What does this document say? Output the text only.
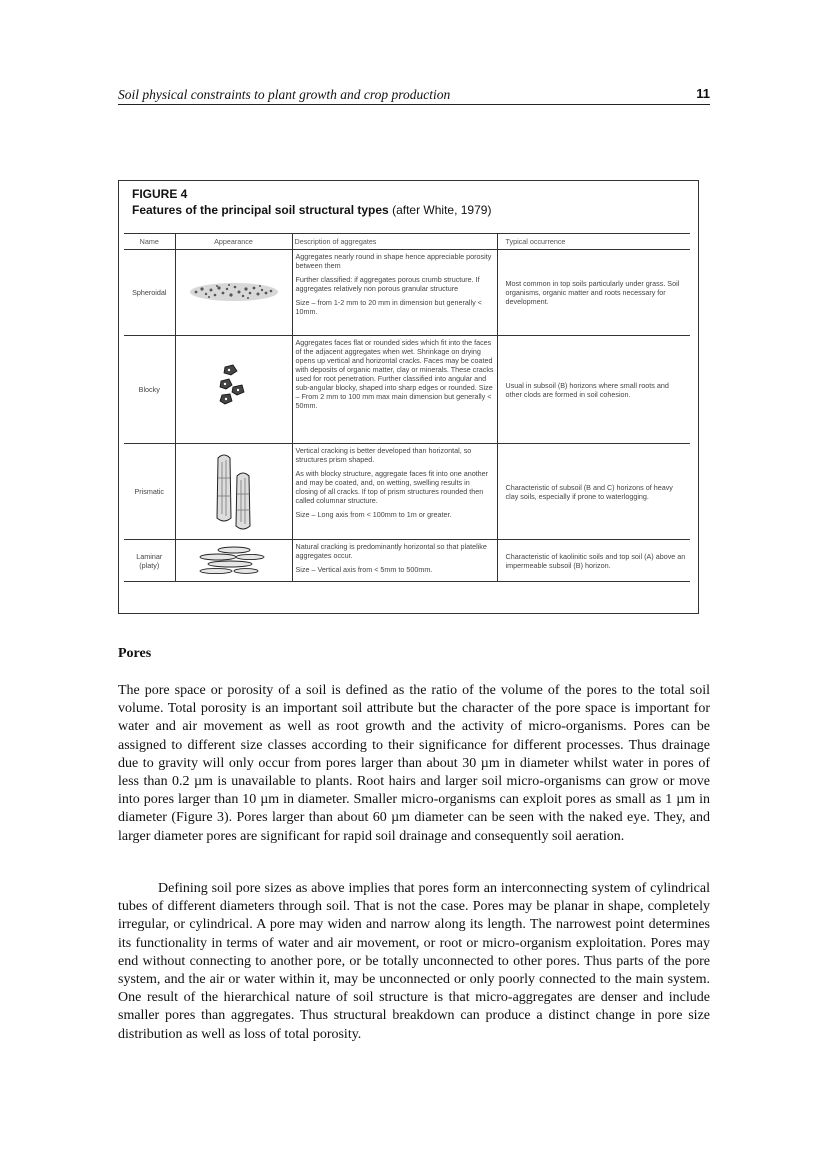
Soil physical constraints to plant growth and crop production	11
FIGURE 4
Features of the principal soil structural types (after White, 1979)
Name	Appearance	Description of aggregates	Typical occurrence
Spheroidal		Aggregates nearly round in shape hence appreciable porosity between them

Further classified: if aggregates porous crumb structure. If aggregates relatively non porous granular structure

Size – from 1-2 mm to 20 mm in dimension but generally < 10mm.	Most common in top soils particularly under grass. Soil organisms, organic matter and roots necessary for development.
Blocky		Aggregates faces flat or rounded sides which fit into the faces of the adjacent aggregates when wet. Shrinkage on drying opens up vertical and horizontal cracks. Faces may be coated with deposits of organic matter, clay or minerals. These cracks used for root penetration. Further classified into angular and sub-angular blocky, shaped into sharp edges or rounded. Size – From 2 mm to 100 mm max main dimension but generally < 50mm.	Usual in subsoil (B) horizons where small roots and other clods are formed in soil cohesion.
Prismatic		Vertical cracking is better developed than horizontal, so structures prism shaped.

As with blocky structure, aggregate faces fit into one another and may be coated, and, on wetting, swelling results in closing of all cracks. If top of prism structures rounded then called columnar structure.

Size – Long axis from < 100mm to 1m or greater.	Characteristic of subsoil (B and C) horizons of heavy clay soils, especially if prone to waterlogging.
Laminar (platy)		Natural cracking is predominantly horizontal so that platelike aggregates occur.

Size – Vertical axis from < 5mm to 500mm.	Characteristic of kaolinitic soils and top soil (A) above an impermeable subsoil (B) horizon.
Pores

The pore space or porosity of a soil is defined as the ratio of the volume of the pores to the total soil volume. Total porosity is an important soil attribute but the character of the pore space is important for water and air movement as well as root growth and the activity of micro-organisms. Pores can be assigned to different size classes according to their significance for different processes. Thus drainage due to gravity will only occur from pores larger than about 30 µm in diameter whilst water in pores of less than 0.2 µm is unavailable to plants. Root hairs and larger soil micro-organisms can grow or move into pores larger than 10 µm in diameter. Smaller micro-organisms can exploit pores as small as 1 µm in diameter (Figure 3). Pores larger than about 60 µm diameter can be seen with the naked eye. They, and larger diameter pores are significant for rapid soil drainage and consequently soil aeration.

Defining soil pore sizes as above implies that pores form an interconnecting system of cylindrical tubes of different diameters through soil. That is not the case. Pores may be planar in shape, completely irregular, or cylindrical. A pore may widen and narrow along its length. The narrowest point determines its functionality in terms of water and air movement, or root or micro-organism exploitation. Pores may end without connecting to another pore, or be totally unconnected to other pores. Thus parts of the pore system, and the air or water within it, may be unconnected or only poorly connected to the main system. One result of the hierarchical nature of soil structure is that micro-aggregates are denser and include smaller pores than aggregates. Thus structural breakdown can produce a distinct change in pore size distribution as well as loss of total porosity.
